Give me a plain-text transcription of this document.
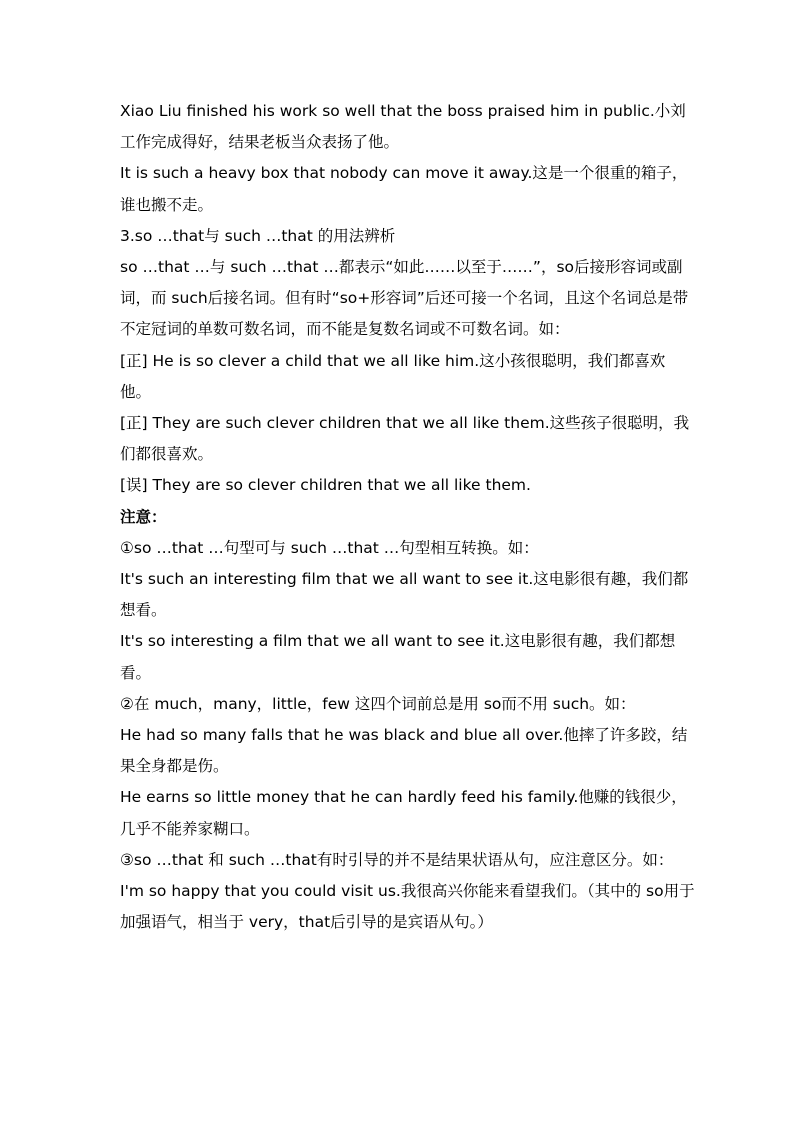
Xiao Liu finished his work so well that the boss praised him in public.小刘工作完成得好，结果老板当众表扬了他。

It is such a heavy box that nobody can move it away.这是一个很重的箱子，谁也搬不走。

3.so …that与 such …that 的用法辨析

so …that …与 such …that …都表示“如此……以至于……”，so后接形容词或副词，而 such后接名词。但有时“so+形容词”后还可接一个名词，且这个名词总是带不定冠词的单数可数名词，而不能是复数名词或不可数名词。如：

[正] He is so clever a child that we all like him.这小孩很聪明，我们都喜欢他。

[正] They are such clever children that we all like them.这些孩子很聪明，我们都很喜欢。

[误] They are so clever children that we all like them.

注意：

①so …that …句型可与 such …that …句型相互转换。如：

It's such an interesting film that we all want to see it.这电影很有趣，我们都想看。

It's so interesting a film that we all want to see it.这电影很有趣，我们都想看。

②在 much，many，little，few 这四个词前总是用 so而不用 such。如：

He had so many falls that he was black and blue all over.他摔了许多跤，结果全身都是伤。

He earns so little money that he can hardly feed his family.他赚的钱很少，几乎不能养家糊口。

③so …that 和 such …that有时引导的并不是结果状语从句，应注意区分。如：

I'm so happy that you could visit us.我很高兴你能来看望我们。（其中的 so用于加强语气，相当于 very，that后引导的是宾语从句。）
